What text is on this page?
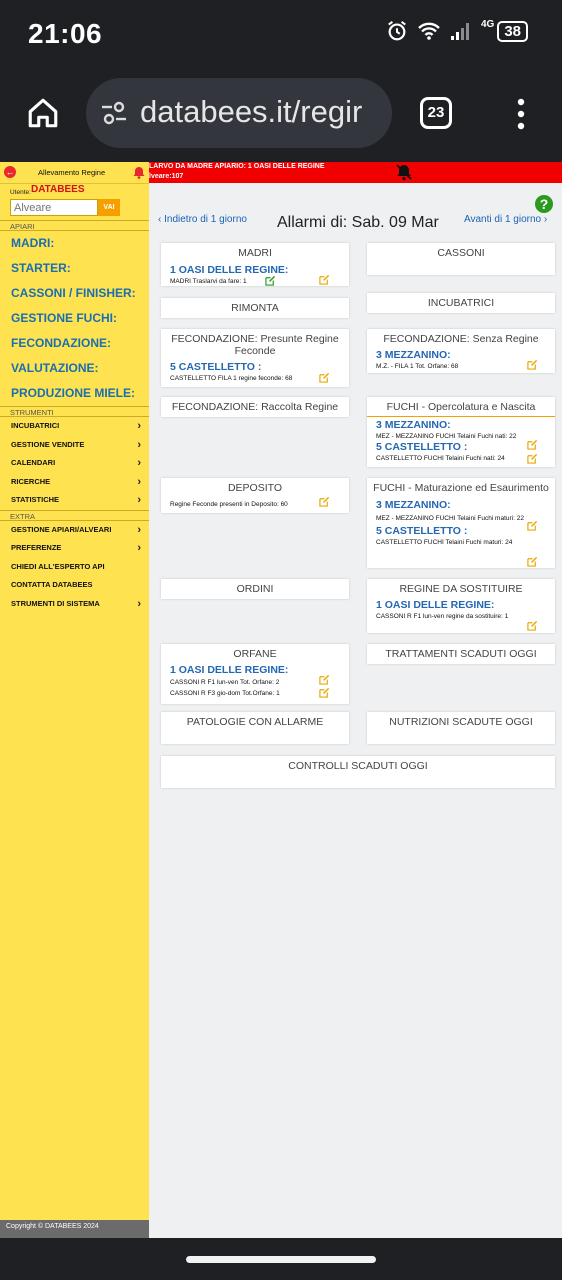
21:06	4G 38
databees.it/regir	23
←	Allevamento Regine
Utente:DATABEES
Alveare
VAI
APIARI
MADRI:
STARTER:
CASSONI / FINISHER:
GESTIONE FUCHI:
FECONDAZIONE:
VALUTAZIONE:
PRODUZIONE MIELE:
STRUMENTI
INCUBATRICI	›
GESTIONE VENDITE	›
CALENDARI	›
RICERCHE	›
STATISTICHE	›
EXTRA
GESTIONE APIARI/ALVEARI ›
PREFERENZE	›
CHIEDI ALL'ESPERTO API
CONTATTA DATABEES
STRUMENTI DI SISTEMA	›
Copyright © DATABEES 2024
LARVO DA MADRE APIARIO: 1 OASI DELLE REGINE
lveare:107
?
‹ Indietro di 1 giorno Allarmi di: Sab. 09 Mar	Avanti di 1 giorno ›
MADRI
1 OASI DELLE REGINE:
MADRI Traslarvi da fare: 1
CASSONI
RIMONTA	INCUBATRICI
FECONDAZIONE: Presunte Regine Feconde
5 CASTELLETTO :
CASTELLETTO FILA 1 regine feconde: 68
FECONDAZIONE: Senza Regine
3 MEZZANINO:
M.Z. - FILA 1 Tot. Orfane: 68
FECONDAZIONE: Raccolta Regine	FUCHI - Opercolatura e Nascita
3 MEZZANINO:
MEZ - MEZZANINO FUCHI Telaini Fuchi nati: 22
5 CASTELLETTO :
CASTELLETTO FUCHI Telaini Fuchi nati: 24
DEPOSITO
Regine Feconde presenti in Deposito: 60
FUCHI - Maturazione ed Esaurimento
3 MEZZANINO:
MEZ - MEZZANINO FUCHI Telaini Fuchi maturi: 22
5 CASTELLETTO :
CASTELLETTO FUCHI Telaini Fuchi maturi: 24
ORDINI	REGINE DA SOSTITUIRE
1 OASI DELLE REGINE:
CASSONI R F1 lun-ven regine da sostituire: 1
ORFANE
1 OASI DELLE REGINE:
CASSONI R F1 lun-ven Tot. Orfane: 2
CASSONI R F3 gio-dom Tot.Orfane: 1
TRATTAMENTI SCADUTI OGGI
PATOLOGIE CON ALLARME	NUTRIZIONI SCADUTE OGGI
CONTROLLI SCADUTI OGGI
